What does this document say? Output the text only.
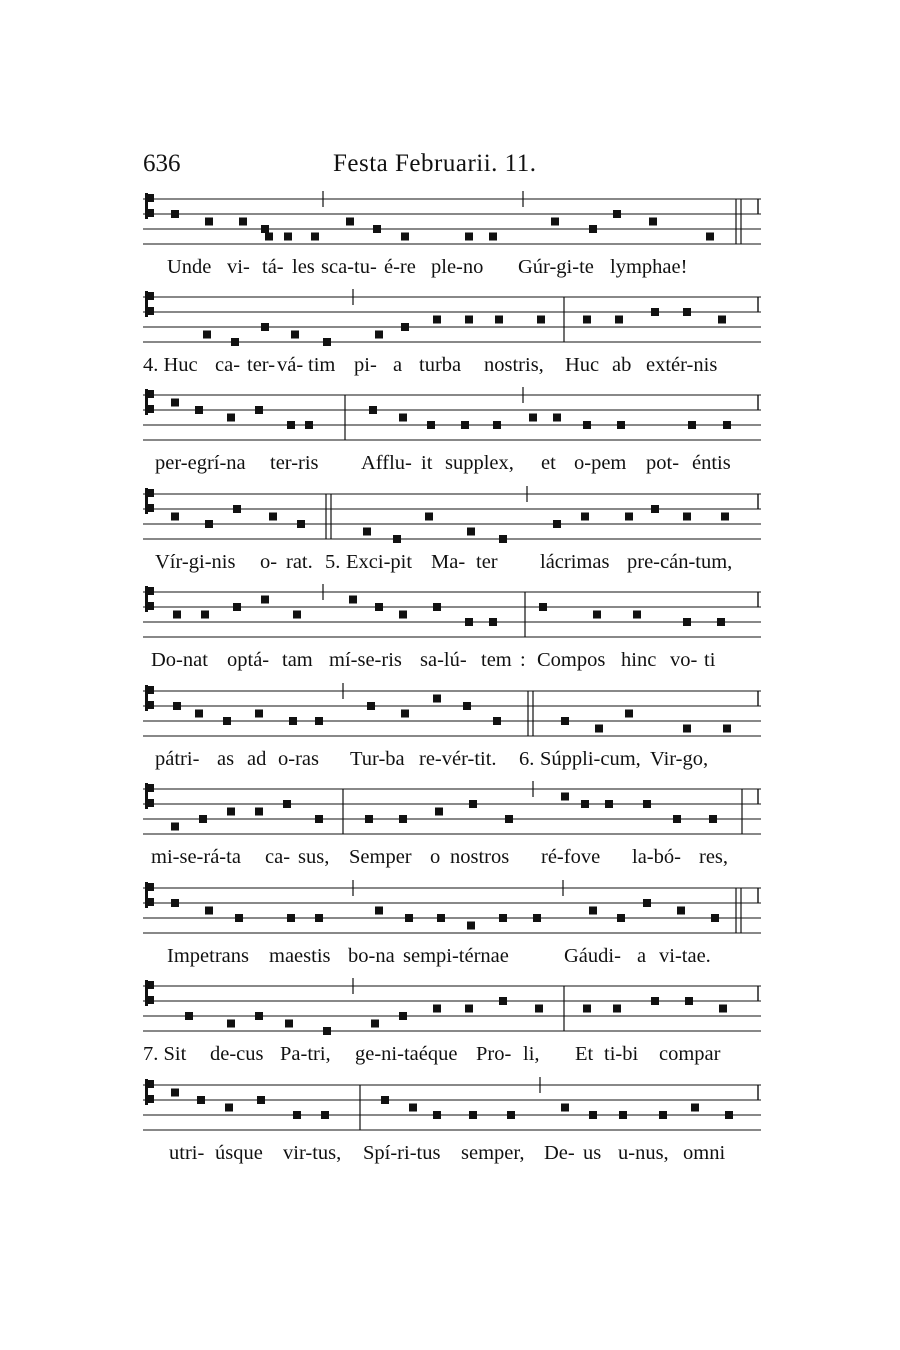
636	Festa Februarii. 11.
Unde vi- tá- les sca-tu- é-re ple-no Gúr-gi-te lymphae!
4. Huc ca- ter- vá- tim pi- a turba nostris, Huc ab extér-nis
per-egrí-na ter-ris Afflu- it supplex, et o-pem pot- éntis
Vír-gi-nis o- rat. 5. Exci-pit Ma- ter lácrimas pre-cán-tum,
Do-nat optá- tam mí-se-ris sa-lú- tem : Compos hinc vo- ti
pátri- as ad o-ras Tur-ba re-vér-tit. 6. Súppli-cum, Vir-go,
mi-se-rá-ta ca- sus, Semper o nostros ré-fove la-bó- res,
Impetrans maestis bo-na sempi-térnae	Gáudi- a vi-tae.
7. Sit de-cus Pa-tri, ge-ni-taéque Pro- li, Et ti-bi compar
utri- úsque vir-tus, Spí-ri-tus semper, De- us u-nus, omni
